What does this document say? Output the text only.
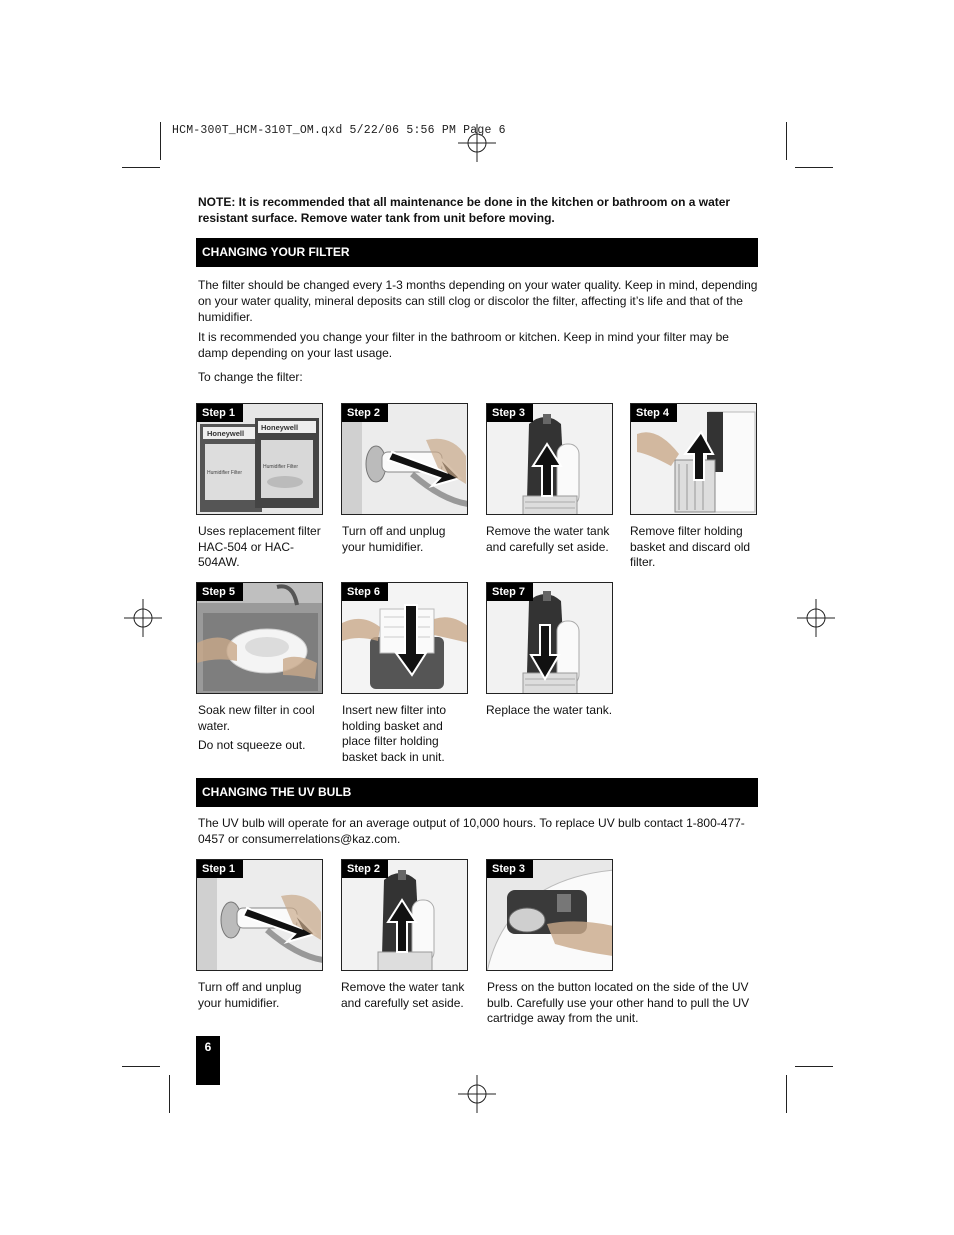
HCM-300T_HCM-310T_OM.qxd 5/22/06 5:56 PM Page 6
NOTE: It is recommended that all maintenance be done in the kitchen or bathroom on a water resistant surface. Remove water tank from unit before moving.
CHANGING YOUR FILTER

The filter should be changed every 1-3 months depending on your water quality. Keep in mind, depending on your water quality, mineral deposits can still clog or discolor the filter, affecting it’s life and that of the humidifier.

It is recommended you change your filter in the bathroom or kitchen. Keep in mind your filter may be damp depending on your last usage.

To change the filter:

Step 1
Honeywell
Honeywell
Humidifier Filter
Humidifier Filter
Uses replacement filter HAC-504 or HAC-504AW.
Step 2
Turn off and unplug your humidifier.
Step 3
Remove the water tank and carefully set aside.
Step 4
Remove filter holding basket and discard old filter.
Step 5
Soak new filter in cool water.
Do not squeeze out.
Step 6
Insert new filter into holding basket and place filter holding basket back in unit.
Step 7
Replace the water tank.
CHANGING THE UV BULB

The UV bulb will operate for an average output of 10,000 hours. To replace UV bulb contact 1-800-477-0457 or consumerrelations@kaz.com.

Step 1
Turn off and unplug your humidifier.
Step 2
Remove the water tank and carefully set aside.
Step 3
Press on the button located on the side of the UV bulb. Carefully use your other hand to pull the UV cartridge away from the unit.
6
